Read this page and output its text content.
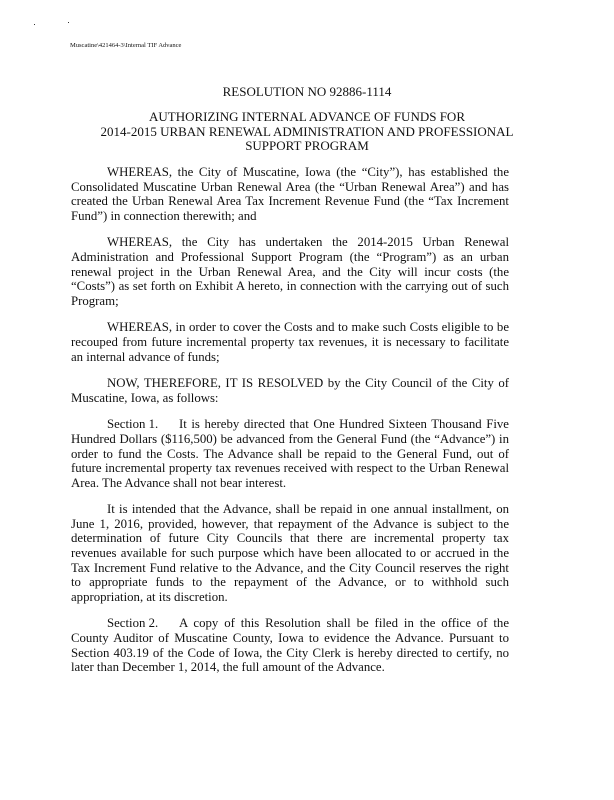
Muscatine\421464-3\Internal TIF Advance
RESOLUTION NO 92886-1114
AUTHORIZING INTERNAL ADVANCE OF FUNDS FOR
2014-2015 URBAN RENEWAL ADMINISTRATION AND PROFESSIONAL
SUPPORT PROGRAM

WHEREAS, the City of Muscatine, Iowa (the “City”), has established the Consolidated Muscatine Urban Renewal Area (the “Urban Renewal Area”) and has created the Urban Renewal Area Tax Increment Revenue Fund (the “Tax Increment Fund”) in connection therewith; and

WHEREAS, the City has undertaken the 2014-2015 Urban Renewal Administration and Professional Support Program (the “Program”) as an urban renewal project in the Urban Renewal Area, and the City will incur costs (the “Costs”) as set forth on Exhibit A hereto, in connection with the carrying out of such Program;

WHEREAS, in order to cover the Costs and to make such Costs eligible to be recouped from future incremental property tax revenues, it is necessary to facilitate an internal advance of funds;

NOW, THEREFORE, IT IS RESOLVED by the City Council of the City of Muscatine, Iowa, as follows:

Section 1. It is hereby directed that One Hundred Sixteen Thousand Five Hundred Dollars ($116,500) be advanced from the General Fund (the “Advance”) in order to fund the Costs. The Advance shall be repaid to the General Fund, out of future incremental property tax revenues received with respect to the Urban Renewal Area. The Advance shall not bear interest.

It is intended that the Advance, shall be repaid in one annual installment, on June 1, 2016, provided, however, that repayment of the Advance is subject to the determination of future City Councils that there are incremental property tax revenues available for such purpose which have been allocated to or accrued in the Tax Increment Fund relative to the Advance, and the City Council reserves the right to appropriate funds to the repayment of the Advance, or to withhold such appropriation, at its discretion.

Section 2. A copy of this Resolution shall be filed in the office of the County Auditor of Muscatine County, Iowa to evidence the Advance. Pursuant to Section 403.19 of the Code of Iowa, the City Clerk is hereby directed to certify, no later than December 1, 2014, the full amount of the Advance.
